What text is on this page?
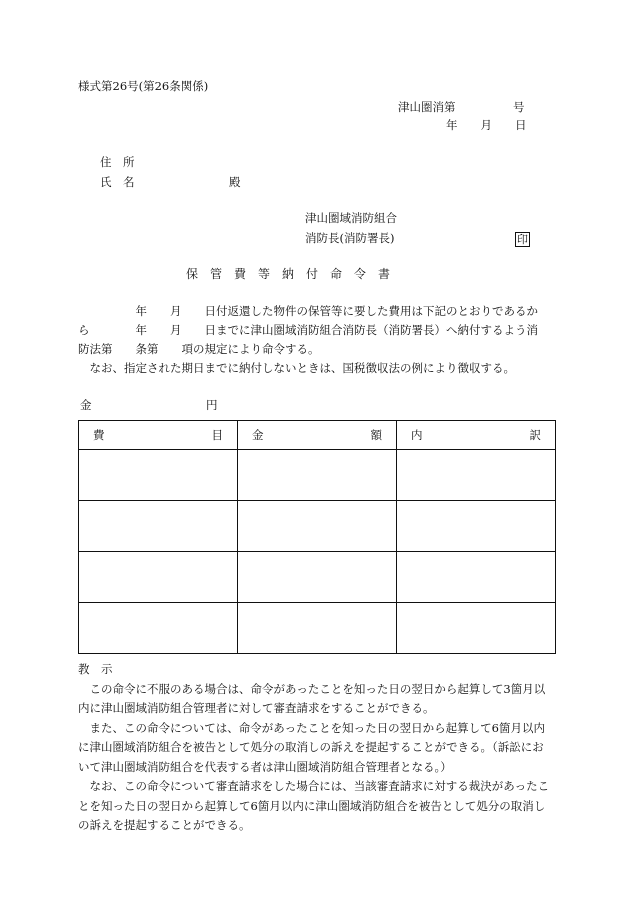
様式第26号(第26条関係)
津山圏消第　　　　　号
年　　月　　日
住　所
氏　名	殿
津山圏域消防組合
消防長(消防署長)	印
保管費等納付命令書
　　　　　年　　月　　日付返還した物件の保管等に要した費用は下記のとおりであるか
ら　　　　年　　月　　日までに津山圏域消防組合消防長（消防署長）へ納付するよう消
防法第　　条第　　項の規定により命令する。
　なお、指定された期日までに納付しないときは、国税徴収法の例により徴収する。
金	円
費 目	金 額	内 訳

教　示

　この命令に不服のある場合は、命令があったことを知った日の翌日から起算して3箇月以内に津山圏域消防組合管理者に対して審査請求をすることができる。

　また、この命令については、命令があったことを知った日の翌日から起算して6箇月以内に津山圏域消防組合を被告として処分の取消しの訴えを提起することができる。（訴訟において津山圏域消防組合を代表する者は津山圏域消防組合管理者となる。）

　なお、この命令について審査請求をした場合には、当該審査請求に対する裁決があったことを知った日の翌日から起算して6箇月以内に津山圏域消防組合を被告として処分の取消しの訴えを提起することができる。
